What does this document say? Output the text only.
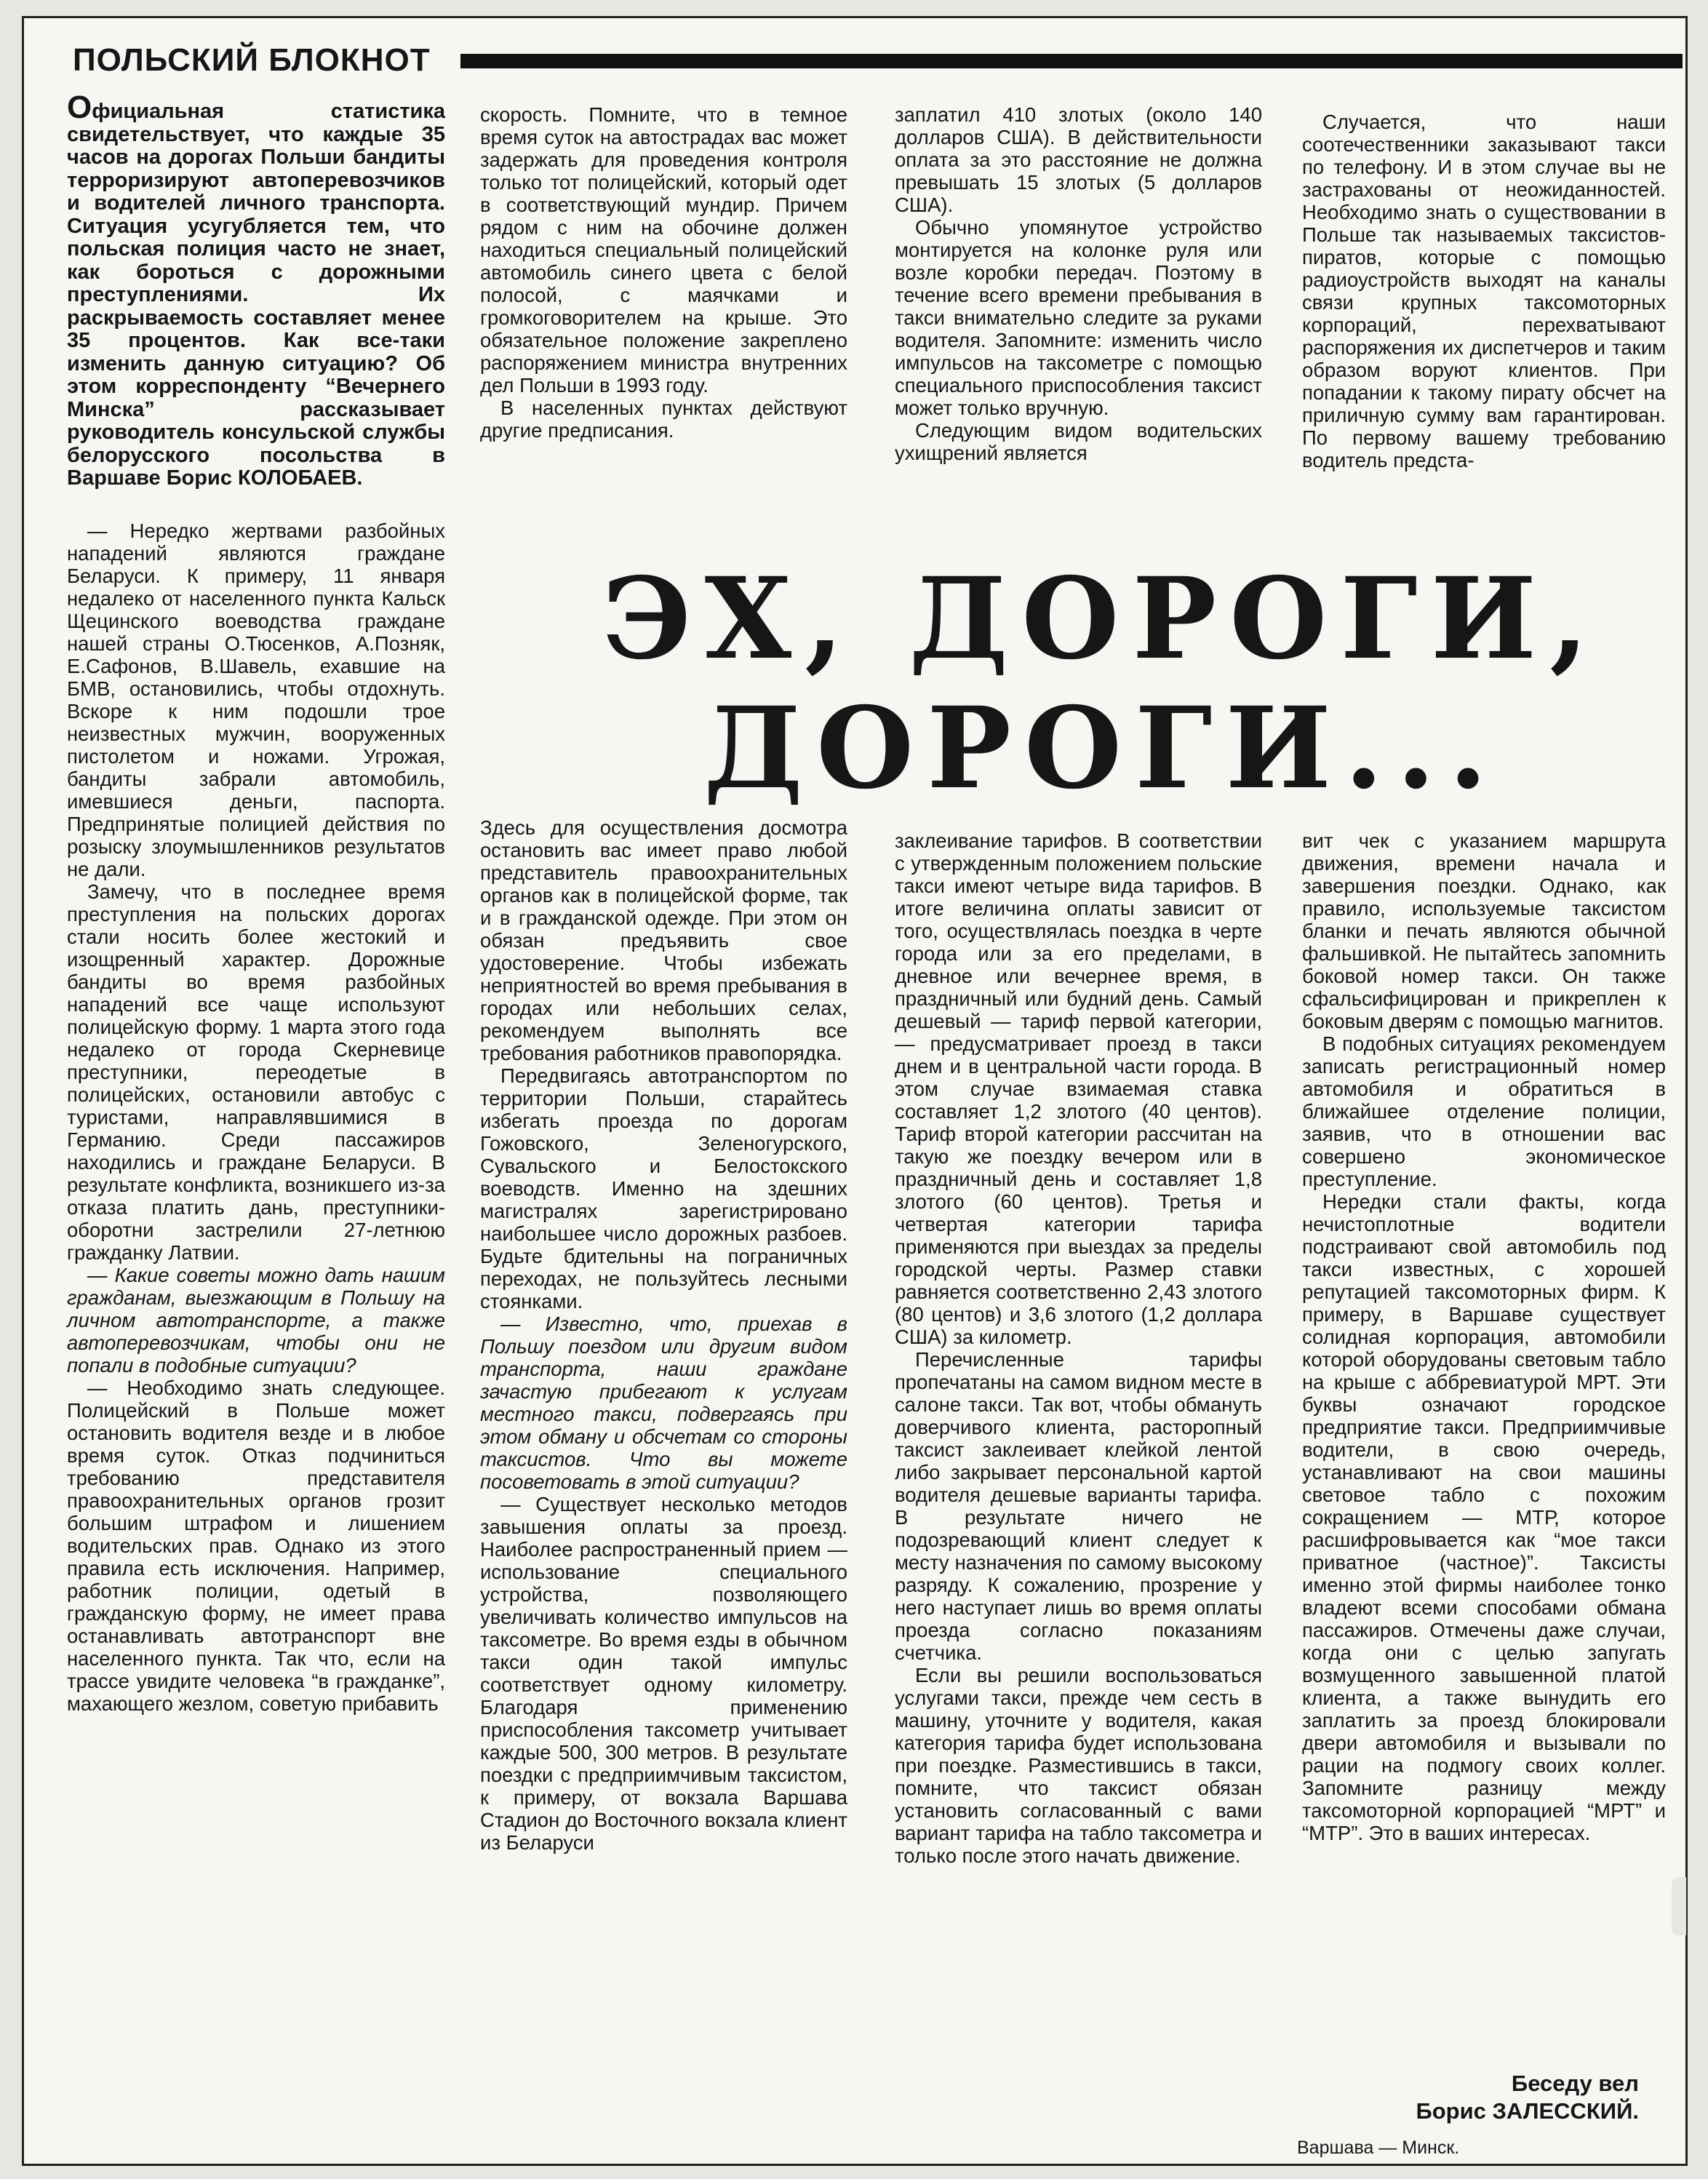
ПОЛЬСКИЙ БЛОКНОТ

Официальная статистика свидетельствует, что каждые 35 часов на дорогах Польши бандиты терроризируют автоперевозчиков и водителей личного транспорта. Ситуация усугубляется тем, что польская полиция часто не знает, как бороться с дорожными преступлениями. Их раскрываемость составляет менее 35 процентов. Как все-таки изменить данную ситуацию? Об этом корреспонденту “Вечернего Минска” рассказывает руководитель консульской службы белорусского посольства в Варшаве Борис КОЛОБАЕВ.

— Нередко жертвами разбойных нападений являются граждане Беларуси. К примеру, 11 января недалеко от населенного пункта Кальск Щецинского воеводства граждане нашей страны О.Тюсенков, А.Позняк, Е.Сафонов, В.Шавель, ехавшие на БМВ, остановились, чтобы отдохнуть. Вскоре к ним подошли трое неизвестных мужчин, вооруженных пистолетом и ножами. Угрожая, бандиты забрали автомобиль, имевшиеся деньги, паспорта. Предпринятые полицией действия по розыску злоумышленников результатов не дали.

Замечу, что в последнее время преступления на польских дорогах стали носить более жестокий и изощренный характер. Дорожные бандиты во время разбойных нападений все чаще используют полицейскую форму. 1 марта этого года недалеко от города Скерневице преступники, переодетые в полицейских, остановили автобус с туристами, направлявшимися в Германию. Среди пассажиров находились и граждане Беларуси. В результате конфликта, возникшего из-за отказа платить дань, преступники-оборотни застрелили 27-летнюю гражданку Латвии.

— Какие советы можно дать нашим гражданам, выезжающим в Польшу на личном автотранспорте, а также автоперевозчикам, чтобы они не попали в подобные ситуации?

— Необходимо знать следующее. Полицейский в Польше может остановить водителя везде и в любое время суток. Отказ подчиниться требованию представителя правоохранительных органов грозит большим штрафом и лишением водительских прав. Однако из этого правила есть исключения. Например, работник полиции, одетый в гражданскую форму, не имеет права останавливать автотранспорт вне населенного пункта. Так что, если на трассе увидите человека “в гражданке”, махающего жезлом, советую прибавить

скорость. Помните, что в темное время суток на автострадах вас может задержать для проведения контроля только тот полицейский, который одет в соответствующий мундир. Причем рядом с ним на обочине должен находиться специальный полицейский автомобиль синего цвета с белой полосой, с маячками и громкоговорителем на крыше. Это обязательное положение закреплено распоряжением министра внутренних дел Польши в 1993 году.

В населенных пунктах действуют другие предписания.

заплатил 410 злотых (около 140 долларов США). В действительности оплата за это расстояние не должна превышать 15 злотых (5 долларов США).

Обычно упомянутое устройство монтируется на колонке руля или возле коробки передач. Поэтому в течение всего времени пребывания в такси внимательно следите за руками водителя. Запомните: изменить число импульсов на таксометре с помощью специального приспособления таксист может только вручную.

Следующим видом водительских ухищрений является

Случается, что наши соотечественники заказывают такси по телефону. И в этом случае вы не застрахованы от неожиданностей. Необходимо знать о существовании в Польше так называемых таксистов-пиратов, которые с помощью радиоустройств выходят на каналы связи крупных таксомоторных корпораций, перехватывают распоряжения их диспетчеров и таким образом воруют клиентов. При попадании к такому пирату обсчет на приличную сумму вам гарантирован. По первому вашему требованию водитель предста-

ЭХ, ДОРОГИ,
ДОРОГИ...

Здесь для осуществления досмотра остановить вас имеет право любой представитель правоохранительных органов как в полицейской форме, так и в гражданской одежде. При этом он обязан предъявить свое удостоверение. Чтобы избежать неприятностей во время пребывания в городах или небольших селах, рекомендуем выполнять все требования работников правопорядка.

Передвигаясь автотранспортом по территории Польши, старайтесь избегать проезда по дорогам Гожовского, Зеленогурского, Сувальского и Белостокского воеводств. Именно на здешних магистралях зарегистрировано наибольшее число дорожных разбоев. Будьте бдительны на пограничных переходах, не пользуйтесь лесными стоянками.

— Известно, что, приехав в Польшу поездом или другим видом транспорта, наши граждане зачастую прибегают к услугам местного такси, подвергаясь при этом обману и обсчетам со стороны таксистов. Что вы можете посоветовать в этой ситуации?

— Существует несколько методов завышения оплаты за проезд. Наиболее распространенный прием — использование специального устройства, позволяющего увеличивать количество импульсов на таксометре. Во время езды в обычном такси один такой импульс соответствует одному километру. Благодаря применению приспособления таксометр учитывает каждые 500, 300 метров. В результате поездки с предприимчивым таксистом, к примеру, от вокзала Варшава Стадион до Восточного вокзала клиент из Беларуси

заклеивание тарифов. В соответствии с утвержденным положением польские такси имеют четыре вида тарифов. В итоге величина оплаты зависит от того, осуществлялась поездка в черте города или за его пределами, в дневное или вечернее время, в праздничный или будний день. Самый дешевый — тариф первой категории, — предусматривает проезд в такси днем и в центральной части города. В этом случае взимаемая ставка составляет 1,2 злотого (40 центов). Тариф второй категории рассчитан на такую же поездку вечером или в праздничный день и составляет 1,8 злотого (60 центов). Третья и четвертая категории тарифа применяются при выездах за пределы городской черты. Размер ставки равняется соответственно 2,43 злотого (80 центов) и 3,6 злотого (1,2 доллара США) за километр.

Перечисленные тарифы пропечатаны на самом видном месте в салоне такси. Так вот, чтобы обмануть доверчивого клиента, расторопный таксист заклеивает клейкой лентой либо закрывает персональной картой водителя дешевые варианты тарифа. В результате ничего не подозревающий клиент следует к месту назначения по самому высокому разряду. К сожалению, прозрение у него наступает лишь во время оплаты проезда согласно показаниям счетчика.

Если вы решили воспользоваться услугами такси, прежде чем сесть в машину, уточните у водителя, какая категория тарифа будет использована при поездке. Разместившись в такси, помните, что таксист обязан установить согласованный с вами вариант тарифа на табло таксометра и только после этого начать движение.

вит чек с указанием маршрута движения, времени начала и завершения поездки. Однако, как правило, используемые таксистом бланки и печать являются обычной фальшивкой. Не пытайтесь запомнить боковой номер такси. Он также сфальсифицирован и прикреплен к боковым дверям с помощью магнитов.

В подобных ситуациях рекомендуем записать регистрационный номер автомобиля и обратиться в ближайшее отделение полиции, заявив, что в отношении вас совершено экономическое преступление.

Нередки стали факты, когда нечистоплотные водители подстраивают свой автомобиль под такси известных, с хорошей репутацией таксомоторных фирм. К примеру, в Варшаве существует солидная корпорация, автомобили которой оборудованы световым табло на крыше с аббревиатурой МРТ. Эти буквы означают городское предприятие такси. Предприимчивые водители, в свою очередь, устанавливают на свои машины световое табло с похожим сокращением — МТР, которое расшифровывается как “мое такси приватное (частное)”. Таксисты именно этой фирмы наиболее тонко владеют всеми способами обмана пассажиров. Отмечены даже случаи, когда они с целью запугать возмущенного завышенной платой клиента, а также вынудить его заплатить за проезд блокировали двери автомобиля и вызывали по рации на подмогу своих коллег. Запомните разницу между таксомоторной корпорацией “МРТ” и “МТР”. Это в ваших интересах.

Беседу вел
Борис ЗАЛЕССКИЙ.
Варшава — Минск.
